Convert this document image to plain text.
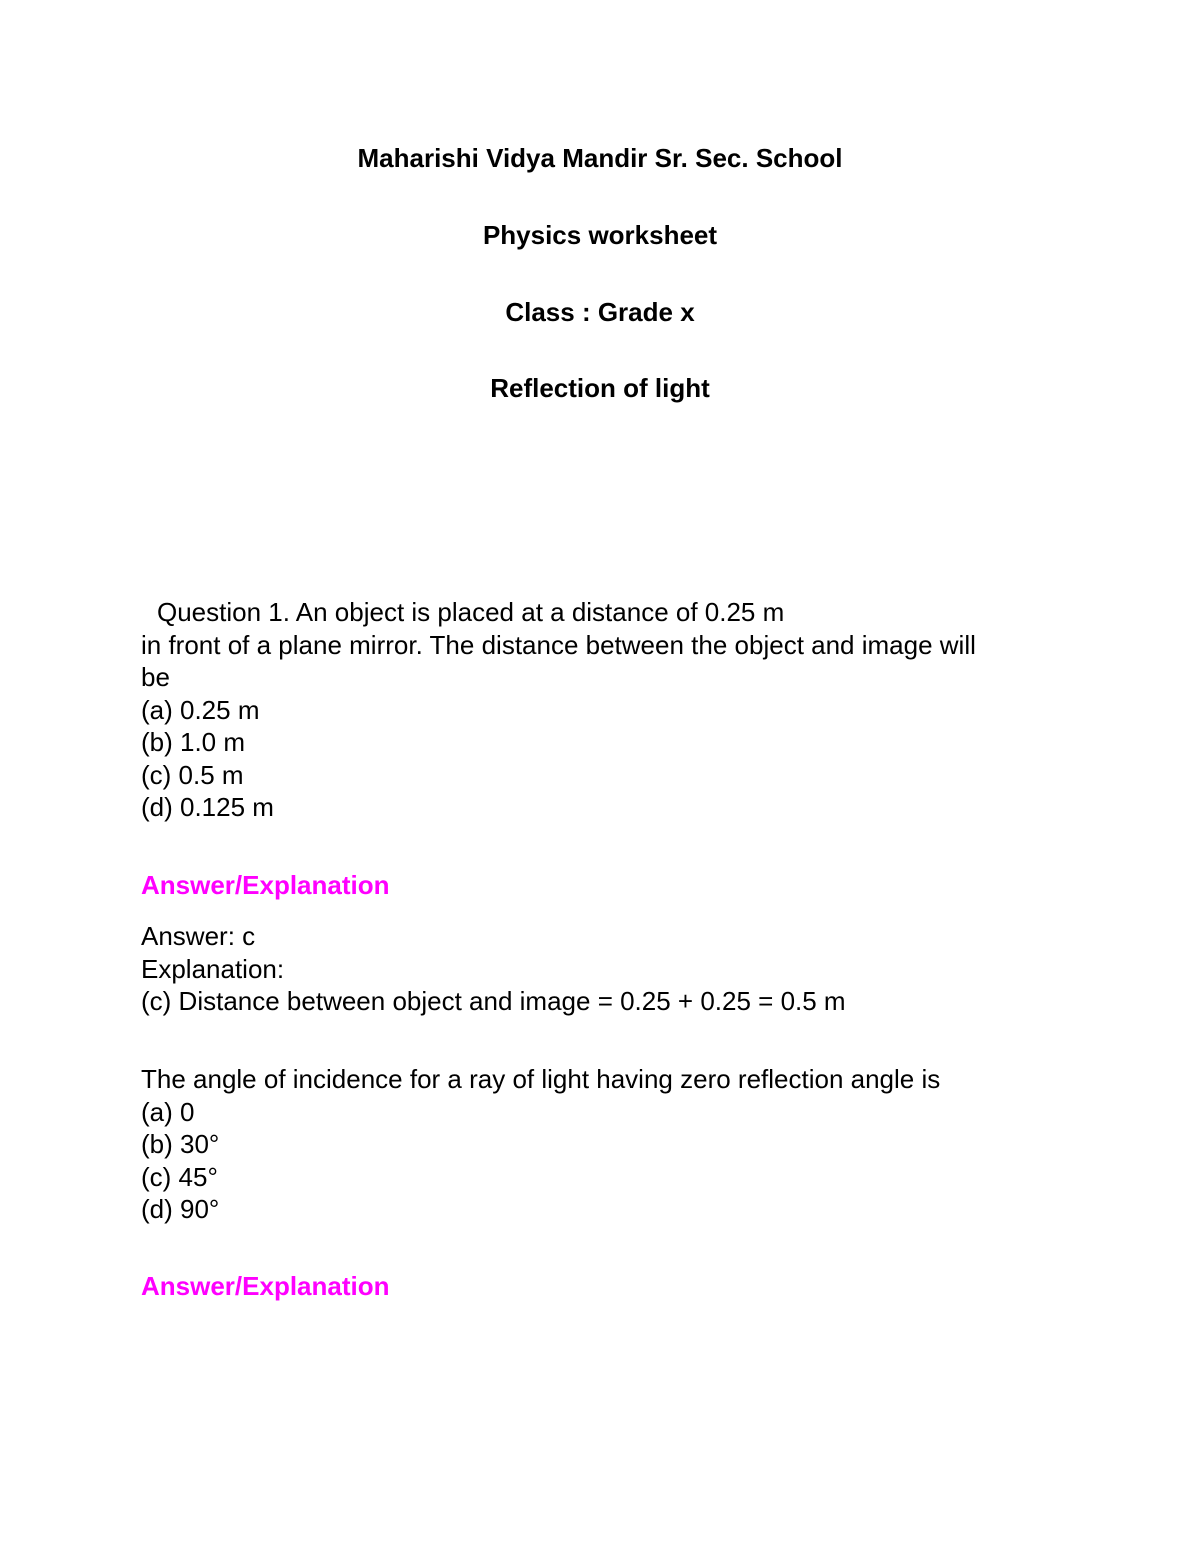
Maharishi Vidya Mandir Sr. Sec. School

Physics worksheet

Class : Grade x

Reflection of light

Question 1. An object is placed at a distance of 0.25 m

in front of a plane mirror. The distance between the object and image will

be

(a) 0.25 m

(b) 1.0 m

(c) 0.5 m

(d) 0.125 m

Answer/Explanation

Answer: c

Explanation:

(c) Distance between object and image = 0.25 + 0.25 = 0.5 m

The angle of incidence for a ray of light having zero reflection angle is

(a) 0

(b) 30°

(c) 45°

(d) 90°

Answer/Explanation
